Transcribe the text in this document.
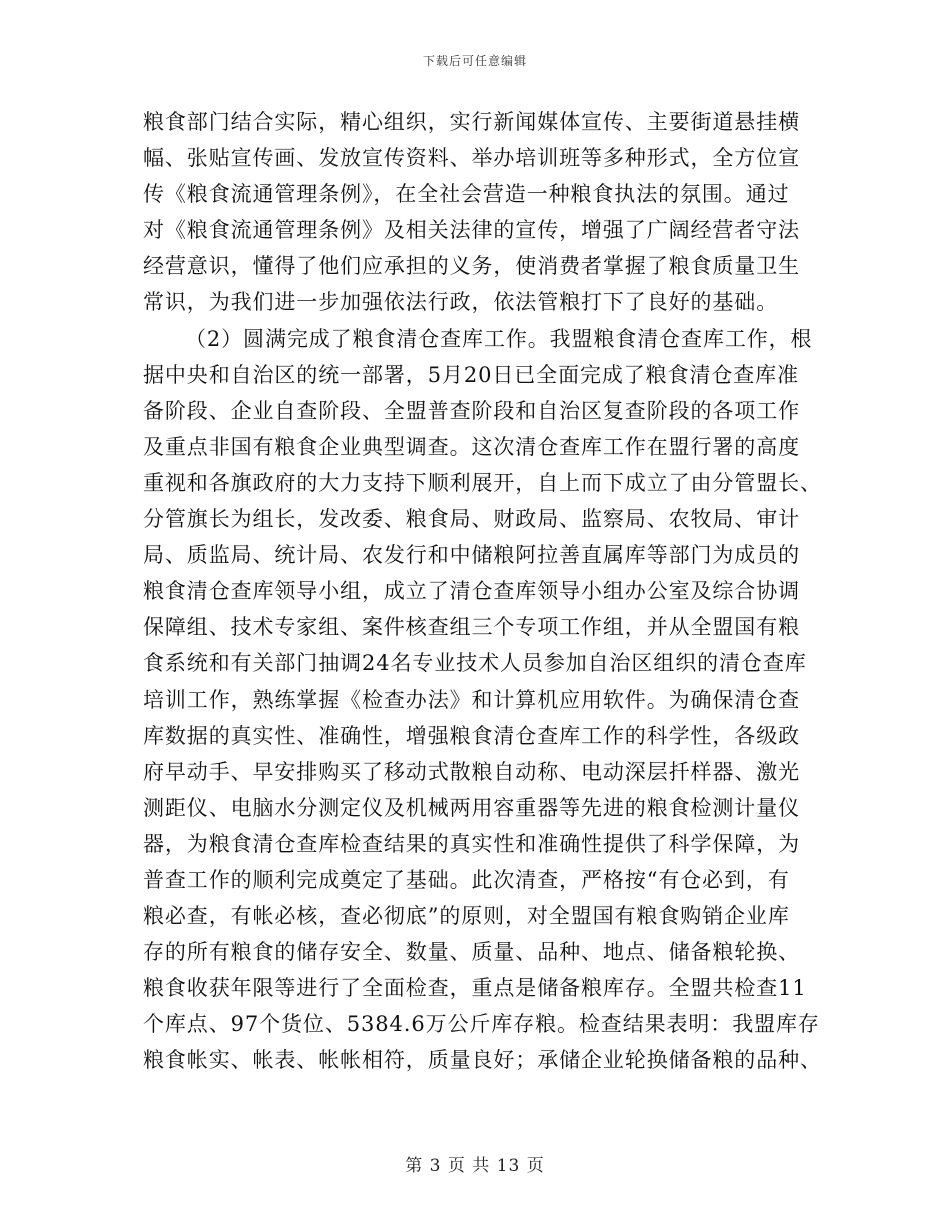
下载后可任意编辑
粮食部门结合实际，精心组织，实行新闻媒体宣传、主要街道悬挂横
幅、张贴宣传画、发放宣传资料、举办培训班等多种形式，全方位宣
传《粮食流通管理条例》，在全社会营造一种粮食执法的氛围。通过
对《粮食流通管理条例》及相关法律的宣传，增强了广阔经营者守法
经营意识，懂得了他们应承担的义务，使消费者掌握了粮食质量卫生
常识，为我们进一步加强依法行政，依法管粮打下了良好的基础。
（2）圆满完成了粮食清仓查库工作。我盟粮食清仓查库工作，根
据中央和自治区的统一部署，5月20日已全面完成了粮食清仓查库准
备阶段、企业自查阶段、全盟普查阶段和自治区复查阶段的各项工作
及重点非国有粮食企业典型调查。这次清仓查库工作在盟行署的高度
重视和各旗政府的大力支持下顺利展开，自上而下成立了由分管盟长、
分管旗长为组长，发改委、粮食局、财政局、监察局、农牧局、审计
局、质监局、统计局、农发行和中储粮阿拉善直属库等部门为成员的
粮食清仓查库领导小组，成立了清仓查库领导小组办公室及综合协调
保障组、技术专家组、案件核查组三个专项工作组，并从全盟国有粮
食系统和有关部门抽调24名专业技术人员参加自治区组织的清仓查库
培训工作，熟练掌握《检查办法》和计算机应用软件。为确保清仓查
库数据的真实性、准确性，增强粮食清仓查库工作的科学性，各级政
府早动手、早安排购买了移动式散粮自动称、电动深层扦样器、激光
测距仪、电脑水分测定仪及机械两用容重器等先进的粮食检测计量仪
器，为粮食清仓查库检查结果的真实性和准确性提供了科学保障，为
普查工作的顺利完成奠定了基础。此次清查，严格按“有仓必到，有
粮必查，有帐必核，查必彻底”的原则，对全盟国有粮食购销企业库
存的所有粮食的储存安全、数量、质量、品种、地点、储备粮轮换、
粮食收获年限等进行了全面检查，重点是储备粮库存。全盟共检查11
个库点、97个货位、5384.6万公斤库存粮。检查结果表明：我盟库存
粮食帐实、帐表、帐帐相符，质量良好；承储企业轮换储备粮的品种、
第 3 页 共 13 页
